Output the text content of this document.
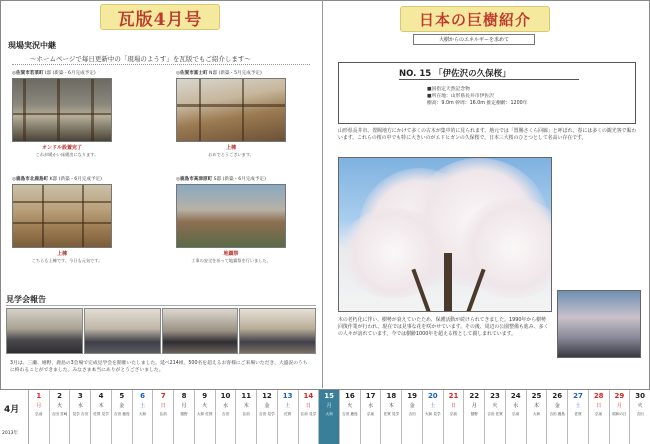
瓦版4月号
現場実況中継
～ホームページで毎日更新中の「現場のようす」を瓦版でもご紹介します～
◎佐賀市若菜町 I邸 (新築・6月完成予定)
オンドル設置完了
これが暖かい床暖房になります。
◎佐賀市富士町 N邸 (新築・5月完成予定)
上棟
おめでとうございます。
◎鹿島市北鹿島町 K邸 (新築・6月完成予定)
上棟
こちらも上棟です。今日も元気です。
◎鹿島市高津原町 S邸 (新築・6月完成予定)
地鎮祭
工事の安全を祈って地鎮祭を行いました。
見学会報告
3月は、三瀬、嬉野、鹿島の3会場で完成見学会を開催いたしました。延べ214組、500名を超えるお客様にご来場いただき、大盛況のうちに終わることができました。みなさま本当にありがとうございました。
日本の巨樹紹介
大樹からのエネルギーを求めて
NO. 15 「伊佐沢の久保桜」
■国指定天然記念物
■所在地：山形県長井市伊佐沢
樹高：9.0m 幹周：16.0m 推定樹齢：1200年
山形県長井市、置賜地方にかけて多くの古木が集中的に見られます。地元では「置賜さくら回廊」と呼ばれ、春には多くの観光客で賑わいます。これらの桜の中でも特に大きいのがエドヒガンの久保桜で、日本三大桜のひとつとして名高い存在です。
木の老朽化に伴い、樹勢が衰えていたため、保護活動が続けられてきました。1990年から樹勢回復作業が行われ、現在では見事な花を咲かせています。その後、周辺の公園整備も進み、多くの人々が訪れています。今では樹齢1000年を超える桜として親しまれています。
4月
2013年
1
月
弘前
2
火
吉田 宮崎
3
水
見学 吉田
4
木
佐賀 見学
5
金
吉田 鹿島
6
土
大和
7
日
弘前
8
月
嬉野
9
火
大和 佐賀
10
水
吉田
11
木
弘前
12
金
吉田 見学
13
土
佐賀
14
日
弘前 見学
15
月
大和
16
火
吉田 鹿島
17
水
弘前
18
木
佐賀 見学
19
金
吉田
20
土
大和 見学
21
日
弘前
22
月
嬉野
23
火
吉田 佐賀
24
水
弘前
25
木
大和
26
金
吉田 鹿島
27
土
佐賀
28
日
弘前
29
月
昭和の日
30
火
吉田
